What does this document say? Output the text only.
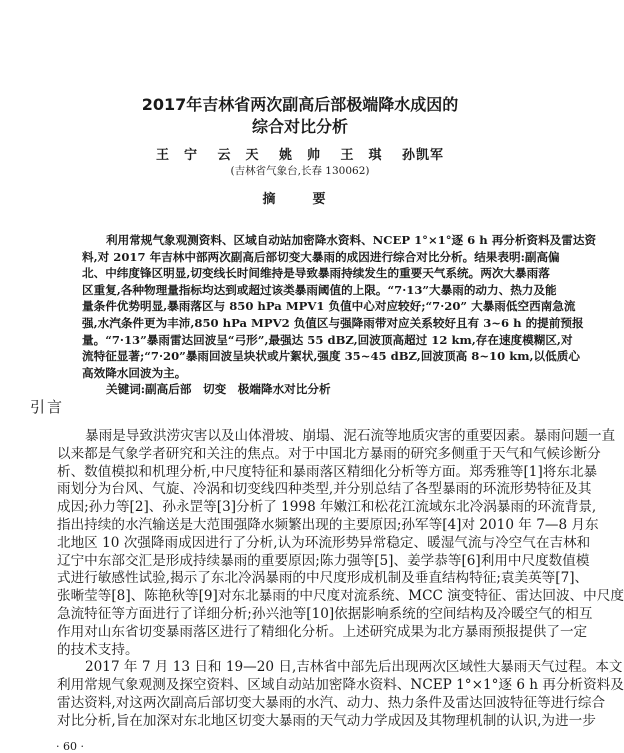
2017年吉林省两次副高后部极端降水成因的
综合对比分析
王　宁 云　天 姚　帅 王　琪 孙凯军
(吉林省气象台,长春 130062)
摘　要
利用常规气象观测资料、区域自动站加密降水资料、NCEP 1°×1°逐 6 h 再分析资料及雷达资
料,对 2017 年吉林中部两次副高后部切变大暴雨的成因进行综合对比分析。结果表明:副高偏
北、中纬度锋区明显,切变线长时间维持是导致暴雨持续发生的重要天气系统。两次大暴雨落
区重复,各种物理量指标均达到或超过该类暴雨阈值的上限。“7·13”大暴雨的动力、热力及能
量条件优势明显,暴雨落区与 850 hPa MPV1 负值中心对应较好;“7·20” 大暴雨低空西南急流
强,水汽条件更为丰沛,850 hPa MPV2 负值区与强降雨带对应关系较好且有 3~6 h 的提前预报
量。“7·13”暴雨雷达回波呈“弓形”,最强达 55 dBZ,回波顶高超过 12 km,存在速度模糊区,对
流特征显著;“7·20”暴雨回波呈块状或片絮状,强度 35~45 dBZ,回波顶高 8~10 km,以低质心
高效降水回波为主。
关键词:副高后部　切变　极端降水对比分析
引言
暴雨是导致洪涝灾害以及山体滑坡、崩塌、泥石流等地质灾害的重要因素。暴雨问题一直
以来都是气象学者研究和关注的焦点。对于中国北方暴雨的研究多侧重于天气和气候诊断分
析、数值模拟和机理分析,中尺度特征和暴雨落区精细化分析等方面。郑秀雅等[1]将东北暴
雨划分为台风、气旋、冷涡和切变线四种类型,并分别总结了各型暴雨的环流形势特征及其
成因;孙力等[2]、孙永罡等[3]分析了 1998 年嫩江和松花江流域东北冷涡暴雨的环流背景,
指出持续的水汽输送是大范围强降水频繁出现的主要原因;孙军等[4]对 2010 年 7—8 月东
北地区 10 次强降雨成因进行了分析,认为环流形势异常稳定、暖湿气流与冷空气在吉林和
辽宁中东部交汇是形成持续暴雨的重要原因;陈力强等[5]、姜学恭等[6]利用中尺度数值模
式进行敏感性试验,揭示了东北冷涡暴雨的中尺度形成机制及垂直结构特征;袁美英等[7]、
张晰莹等[8]、陈艳秋等[9]对东北暴雨的中尺度对流系统、MCC 演变特征、雷达回波、中尺度
急流特征等方面进行了详细分析;孙兴池等[10]依据影响系统的空间结构及冷暖空气的相互
作用对山东省切变暴雨落区进行了精细化分析。上述研究成果为北方暴雨预报提供了一定
的技术支持。
2017 年 7 月 13 日和 19—20 日,吉林省中部先后出现两次区域性大暴雨天气过程。本文
利用常规气象观测及探空资料、区域自动站加密降水资料、NCEP 1°×1°逐 6 h 再分析资料及
雷达资料,对这两次副高后部切变大暴雨的水汽、动力、热力条件及雷达回波特征等进行综合
对比分析,旨在加深对东北地区切变大暴雨的天气动力学成因及其物理机制的认识,为进一步
· 60 ·
